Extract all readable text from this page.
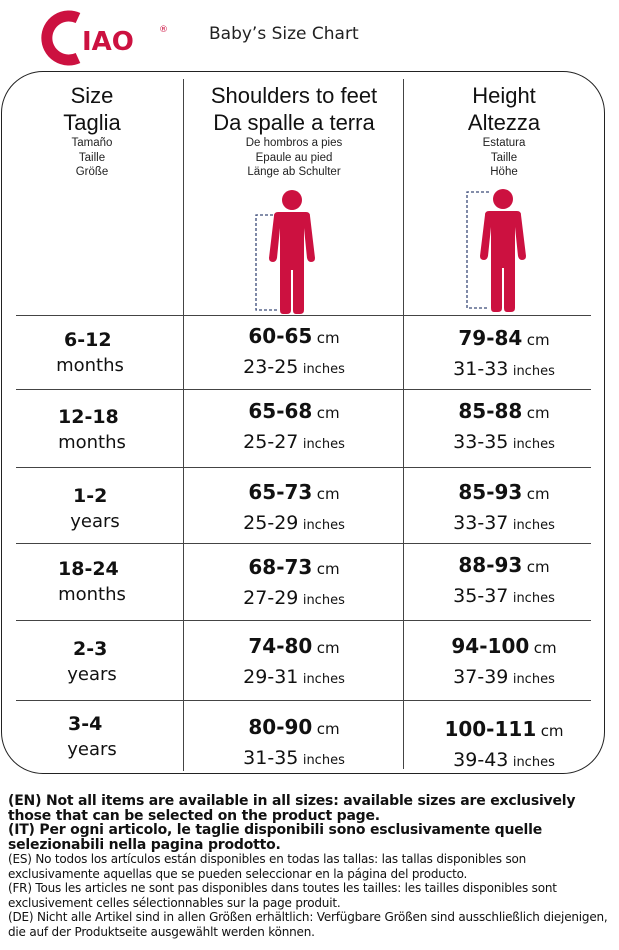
IAO	® Baby’s Size Chart
Size
Taglia
Tamaño
Taille
Größe
Shoulders to feet
Da spalle a terra
De hombros a pies
Epaule au pied
Länge ab Schulter
Height
Altezza
Estatura
Taille
Höhe
6-12
months
60-65 cm
23-25 inches
79-84 cm
31-33 inches
12-18
months
65-68 cm
25-27 inches
85-88 cm
33-35 inches
1-2
years
65-73 cm
25-29 inches
85-93 cm
33-37 inches
18-24
months
68-73 cm
27-29 inches
88-93 cm
35-37 inches
2-3
years
74-80 cm
29-31 inches
94-100 cm
37-39 inches
3-4
years
80-90 cm
31-35 inches
100-111 cm
39-43 inches

(EN) Not all items are available in all sizes: available sizes are exclusively those that can be selected on the product page.

(IT) Per ogni articolo, le taglie disponibili sono esclusivamente quelle selezionabili nella pagina prodotto.

(ES) No todos los artículos están disponibles en todas las tallas: las tallas disponibles son exclusivamente aquellas que se pueden seleccionar en la página del producto.

(FR) Tous les articles ne sont pas disponibles dans toutes les tailles: les tailles disponibles sont exclusivement celles sélectionnables sur la page produit.

(DE) Nicht alle Artikel sind in allen Größen erhältlich: Verfügbare Größen sind ausschließlich diejenigen, die auf der Produktseite ausgewählt werden können.
